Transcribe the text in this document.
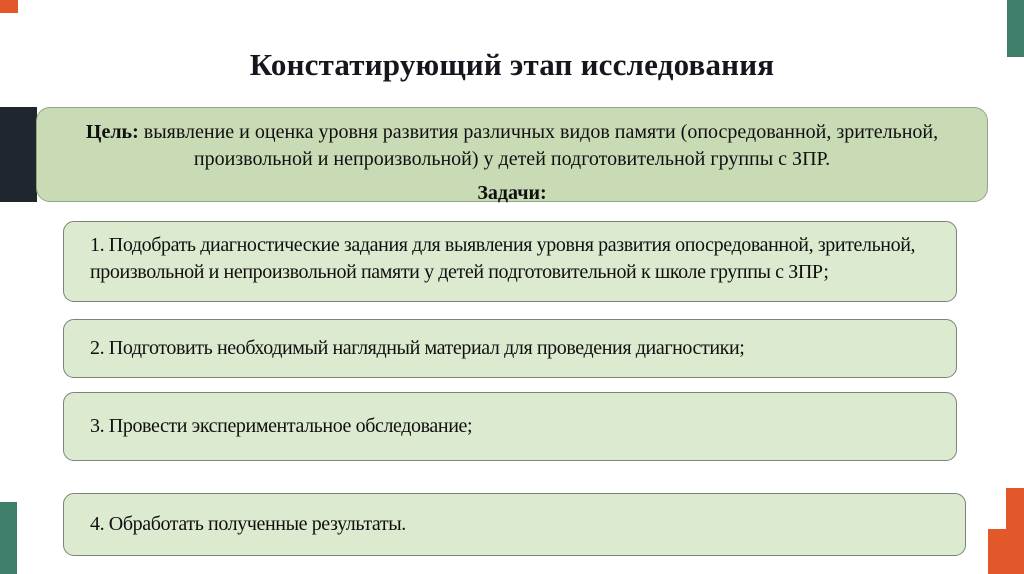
Констатирующий этап исследования

Цель: выявление и оценка уровня развития различных видов памяти (опосредованной, зрительной, произвольной и непроизвольной) у детей подготовительной группы с ЗПР.

Задачи:

1. Подобрать диагностические задания для выявления уровня развития опосредованной, зрительной, произвольной и непроизвольной памяти у детей подготовительной к школе группы с ЗПР;

2. Подготовить необходимый наглядный материал для проведения диагностики;

3. Провести экспериментальное обследование;

4. Обработать полученные результаты.
